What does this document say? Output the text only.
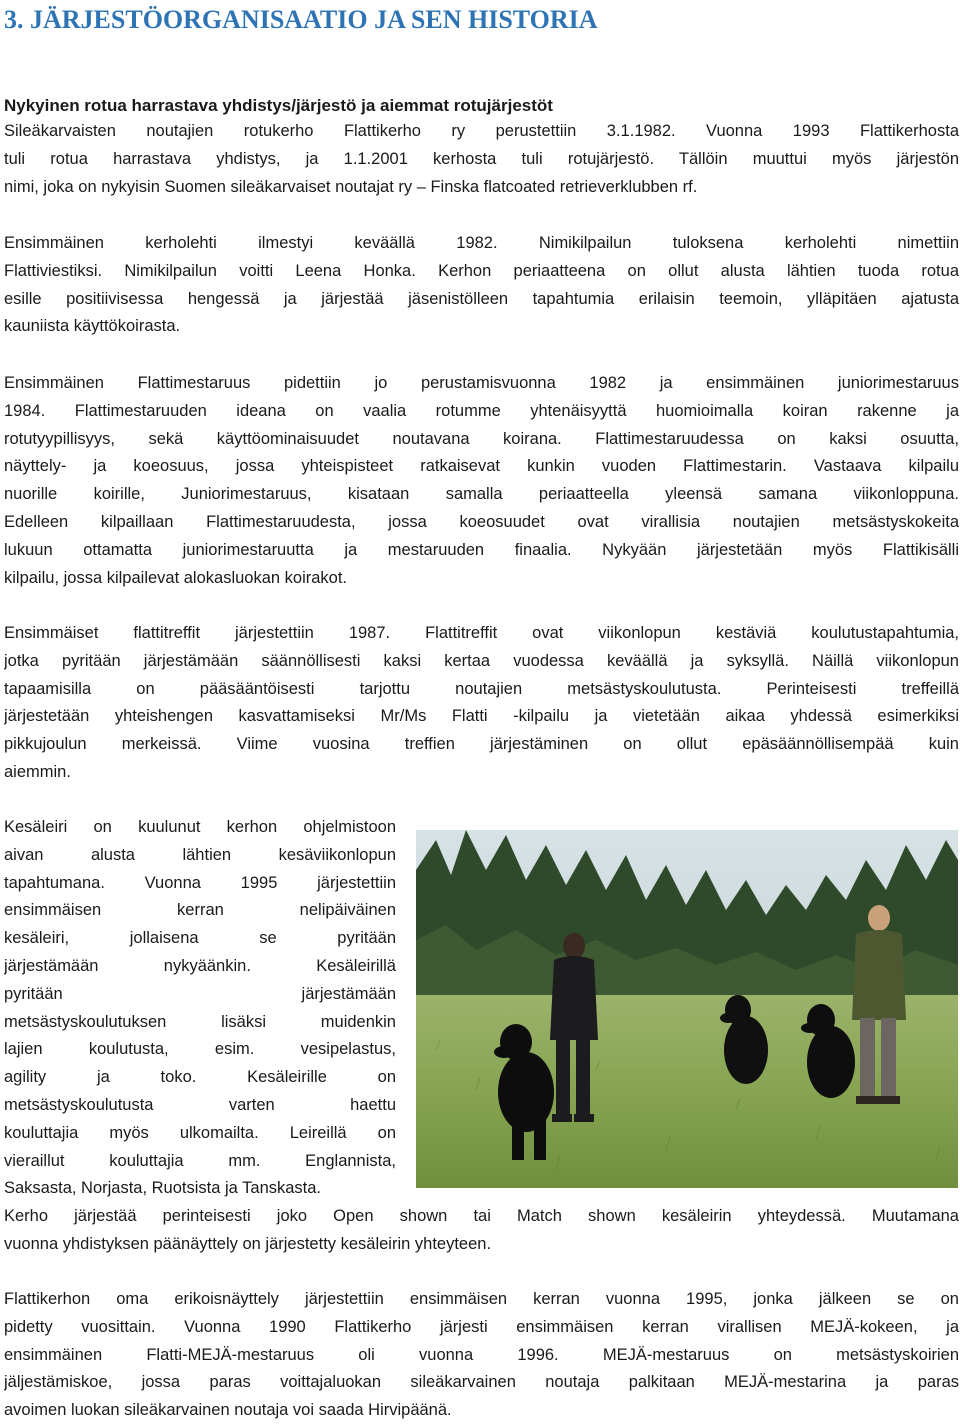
3. JÄRJESTÖORGANISAATIO JA SEN HISTORIA
Nykyinen rotua harrastava yhdistys/järjestö ja aiemmat rotujärjestöt
Sileäkarvaisten noutajien rotukerho Flattikerho ry perustettiin 3.1.1982. Vuonna 1993 Flattikerhosta
tuli rotua harrastava yhdistys, ja 1.1.2001 kerhosta tuli rotujärjestö. Tällöin muuttui myös järjestön
nimi, joka on nykyisin Suomen sileäkarvaiset noutajat ry – Finska flatcoated retrieverklubben rf.
Ensimmäinen kerholehti ilmestyi keväällä 1982. Nimikilpailun tuloksena kerholehti nimettiin
Flattiviestiksi. Nimikilpailun voitti Leena Honka. Kerhon periaatteena on ollut alusta lähtien tuoda rotua
esille positiivisessa hengessä ja järjestää jäsenistölleen tapahtumia erilaisin teemoin, ylläpitäen ajatusta
kauniista käyttökoirasta.
Ensimmäinen Flattimestaruus pidettiin jo perustamisvuonna 1982 ja ensimmäinen juniorimestaruus
1984. Flattimestaruuden ideana on vaalia rotumme yhtenäisyyttä huomioimalla koiran rakenne ja
rotutyypillisyys, sekä käyttöominaisuudet noutavana koirana. Flattimestaruudessa on kaksi osuutta,
näyttely- ja koeosuus, jossa yhteispisteet ratkaisevat kunkin vuoden Flattimestarin. Vastaava kilpailu
nuorille koirille, Juniorimestaruus, kisataan samalla periaatteella yleensä samana viikonloppuna.
Edelleen kilpaillaan Flattimestaruudesta, jossa koeosuudet ovat virallisia noutajien metsästyskokeita
lukuun ottamatta juniorimestaruutta ja mestaruuden finaalia. Nykyään järjestetään myös Flattikisälli
kilpailu, jossa kilpailevat alokasluokan koirakot.
Ensimmäiset flattitreffit järjestettiin 1987. Flattitreffit ovat viikonlopun kestäviä koulutustapahtumia,
jotka pyritään järjestämään säännöllisesti kaksi kertaa vuodessa keväällä ja syksyllä. Näillä viikonlopun
tapaamisilla on pääsääntöisesti tarjottu noutajien metsästyskoulutusta. Perinteisesti treffeillä
järjestetään yhteishengen kasvattamiseksi Mr/Ms Flatti -kilpailu ja vietetään aikaa yhdessä esimerkiksi
pikkujoulun merkeissä. Viime vuosina treffien järjestäminen on ollut epäsäännöllisempää kuin
aiemmin.
Kesäleiri on kuulunut kerhon ohjelmistoon
aivan alusta lähtien kesäviikonlopun
tapahtumana. Vuonna 1995 järjestettiin
ensimmäisen kerran nelipäiväinen
kesäleiri, jollaisena se pyritään
järjestämään nykyäänkin. Kesäleirillä
pyritään järjestämään
metsästyskoulutuksen lisäksi muidenkin
lajien koulutusta, esim. vesipelastus,
agility ja toko. Kesäleirille on
metsästyskoulutusta varten haettu
kouluttajia myös ulkomailta. Leireillä on
vieraillut kouluttajia mm. Englannista,
Saksasta, Norjasta, Ruotsista ja Tanskasta.
Kerho järjestää perinteisesti joko Open shown tai Match shown kesäleirin yhteydessä. Muutamana
vuonna yhdistyksen päänäyttely on järjestetty kesäleirin yhteyteen.
Flattikerhon oma erikoisnäyttely järjestettiin ensimmäisen kerran vuonna 1995, jonka jälkeen se on
pidetty vuosittain. Vuonna 1990 Flattikerho järjesti ensimmäisen kerran virallisen MEJÄ-kokeen, ja
ensimmäinen Flatti-MEJÄ-mestaruus oli vuonna 1996. MEJÄ-mestaruus on metsästyskoirien
jäljestämiskoe, jossa paras voittajaluokan sileäkarvainen noutaja palkitaan MEJÄ-mestarina ja paras
avoimen luokan sileäkarvainen noutaja voi saada Hirvipäänä.
